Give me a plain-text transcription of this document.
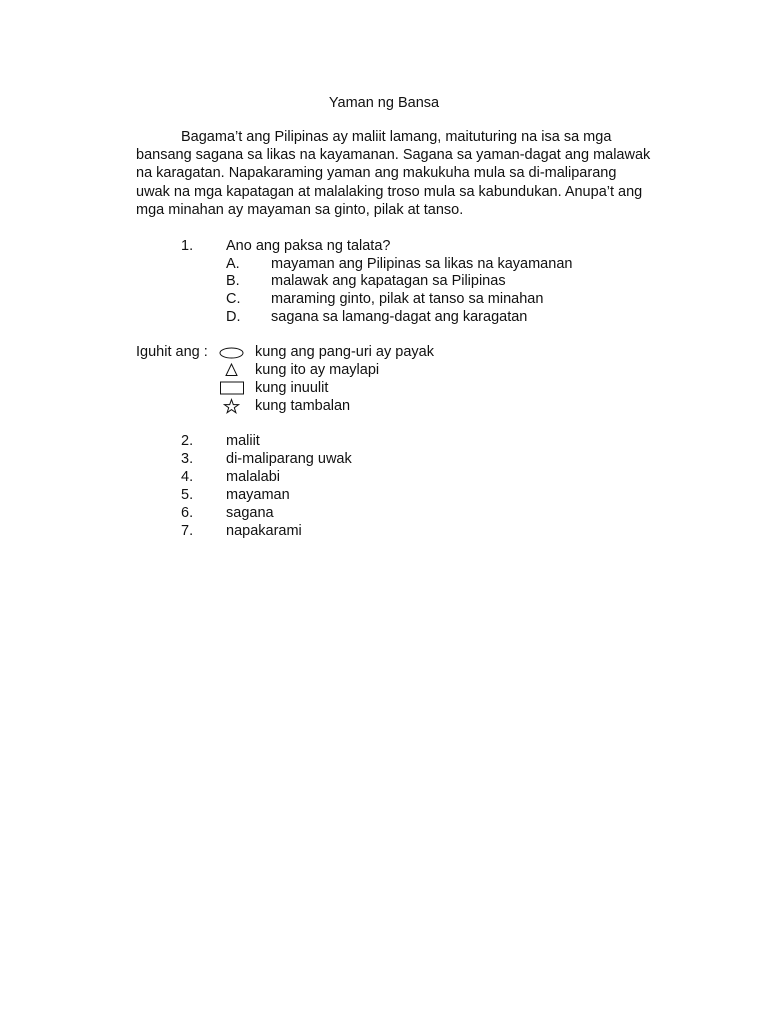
Yaman ng Bansa
Bagama’t ang Pilipinas ay maliit lamang, maituturing na isa sa mga
bansang sagana sa likas na kayamanan. Sagana sa yaman-dagat ang malawak
na karagatan. Napakaraming yaman ang makukuha mula sa di-maliparang
uwak na mga kapatagan at malalaking troso mula sa kabundukan. Anupa’t ang
mga minahan ay mayaman sa ginto, pilak at tanso.
1. Ano ang paksa ng talata?
A. mayaman ang Pilipinas sa likas na kayamanan
B. malawak ang kapatagan sa Pilipinas
C. maraming ginto, pilak at tanso sa minahan
D. sagana sa lamang-dagat ang karagatan
Iguhit ang :	kung ang pang-uri ay payak
kung ito ay maylapi
kung inuulit
kung tambalan
2. maliit
3. di-maliparang uwak
4. malalabi
5. mayaman
6. sagana
7. napakarami
